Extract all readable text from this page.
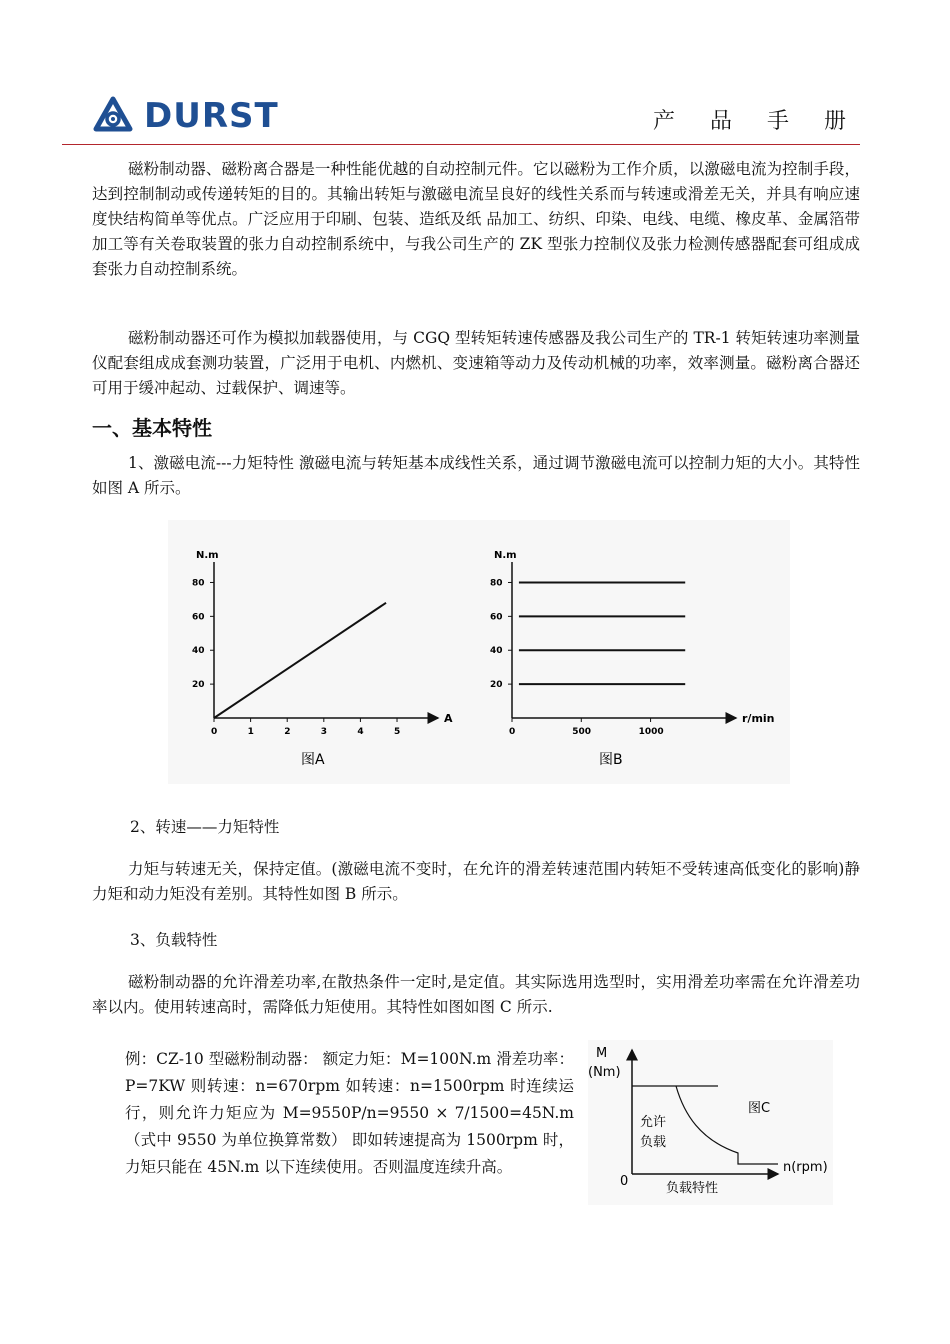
DURST	产 品 手 册

磁粉制动器、磁粉离合器是一种性能优越的自动控制元件。它以磁粉为工作介质，以激磁电流为控制手段，达到控制制动或传递转矩的目的。其输出转矩与激磁电流呈良好的线性关系而与转速或滑差无关，并具有响应速度快结构简单等优点。广泛应用于印刷、包装、造纸及纸 品加工、纺织、印染、电线、电缆、橡皮革、金属箔带加工等有关卷取装置的张力自动控制系统中，与我公司生产的 ZK 型张力控制仪及张力检测传感器配套可组成成套张力自动控制系统。

磁粉制动器还可作为模拟加载器使用，与 CGQ 型转矩转速传感器及我公司生产的 TR-1 转矩转速功率测量仪配套组成成套测功装置，广泛用于电机、内燃机、变速箱等动力及传动机械的功率，效率测量。磁粉离合器还可用于缓冲起动、过载保护、调速等。

一、基本特性

1、激磁电流---力矩特性 激磁电流与转矩基本成线性关系，通过调节激磁电流可以控制力矩的大小。其特性如图 A 所示。

N.m
A
20
40
60
80
0	1	2	3	4	5
图A
N.m
r/min
20
40
60
80
0	500	1000
图B
2、转速——力矩特性

力矩与转速无关，保持定值。(激磁电流不变时，在允许的滑差转速范围内转矩不受转速高低变化的影响)静力矩和动力矩没有差别。其特性如图 B 所示。

3、负载特性

磁粉制动器的允许滑差功率,在散热条件一定时,是定值。其实际选用选型时，实用滑差功率需在允许滑差功率以内。使用转速高时，需降低力矩使用。其特性如图如图 C 所示.

例：CZ-10 型磁粉制动器： 额定力矩：M=100N.m 滑差功率：P=7KW 则转速：n=670rpm 如转速：n=1500rpm 时连续运行，则允许力矩应为 M=9550P/n=9550 × 7/1500=45N.m（式中 9550 为单位换算常数） 即如转速提高为 1500rpm 时，力矩只能在 45N.m 以下连续使用。否则温度连续升高。

M
(Nm)
0
允许
负载
图C
n(rpm)
负载特性
